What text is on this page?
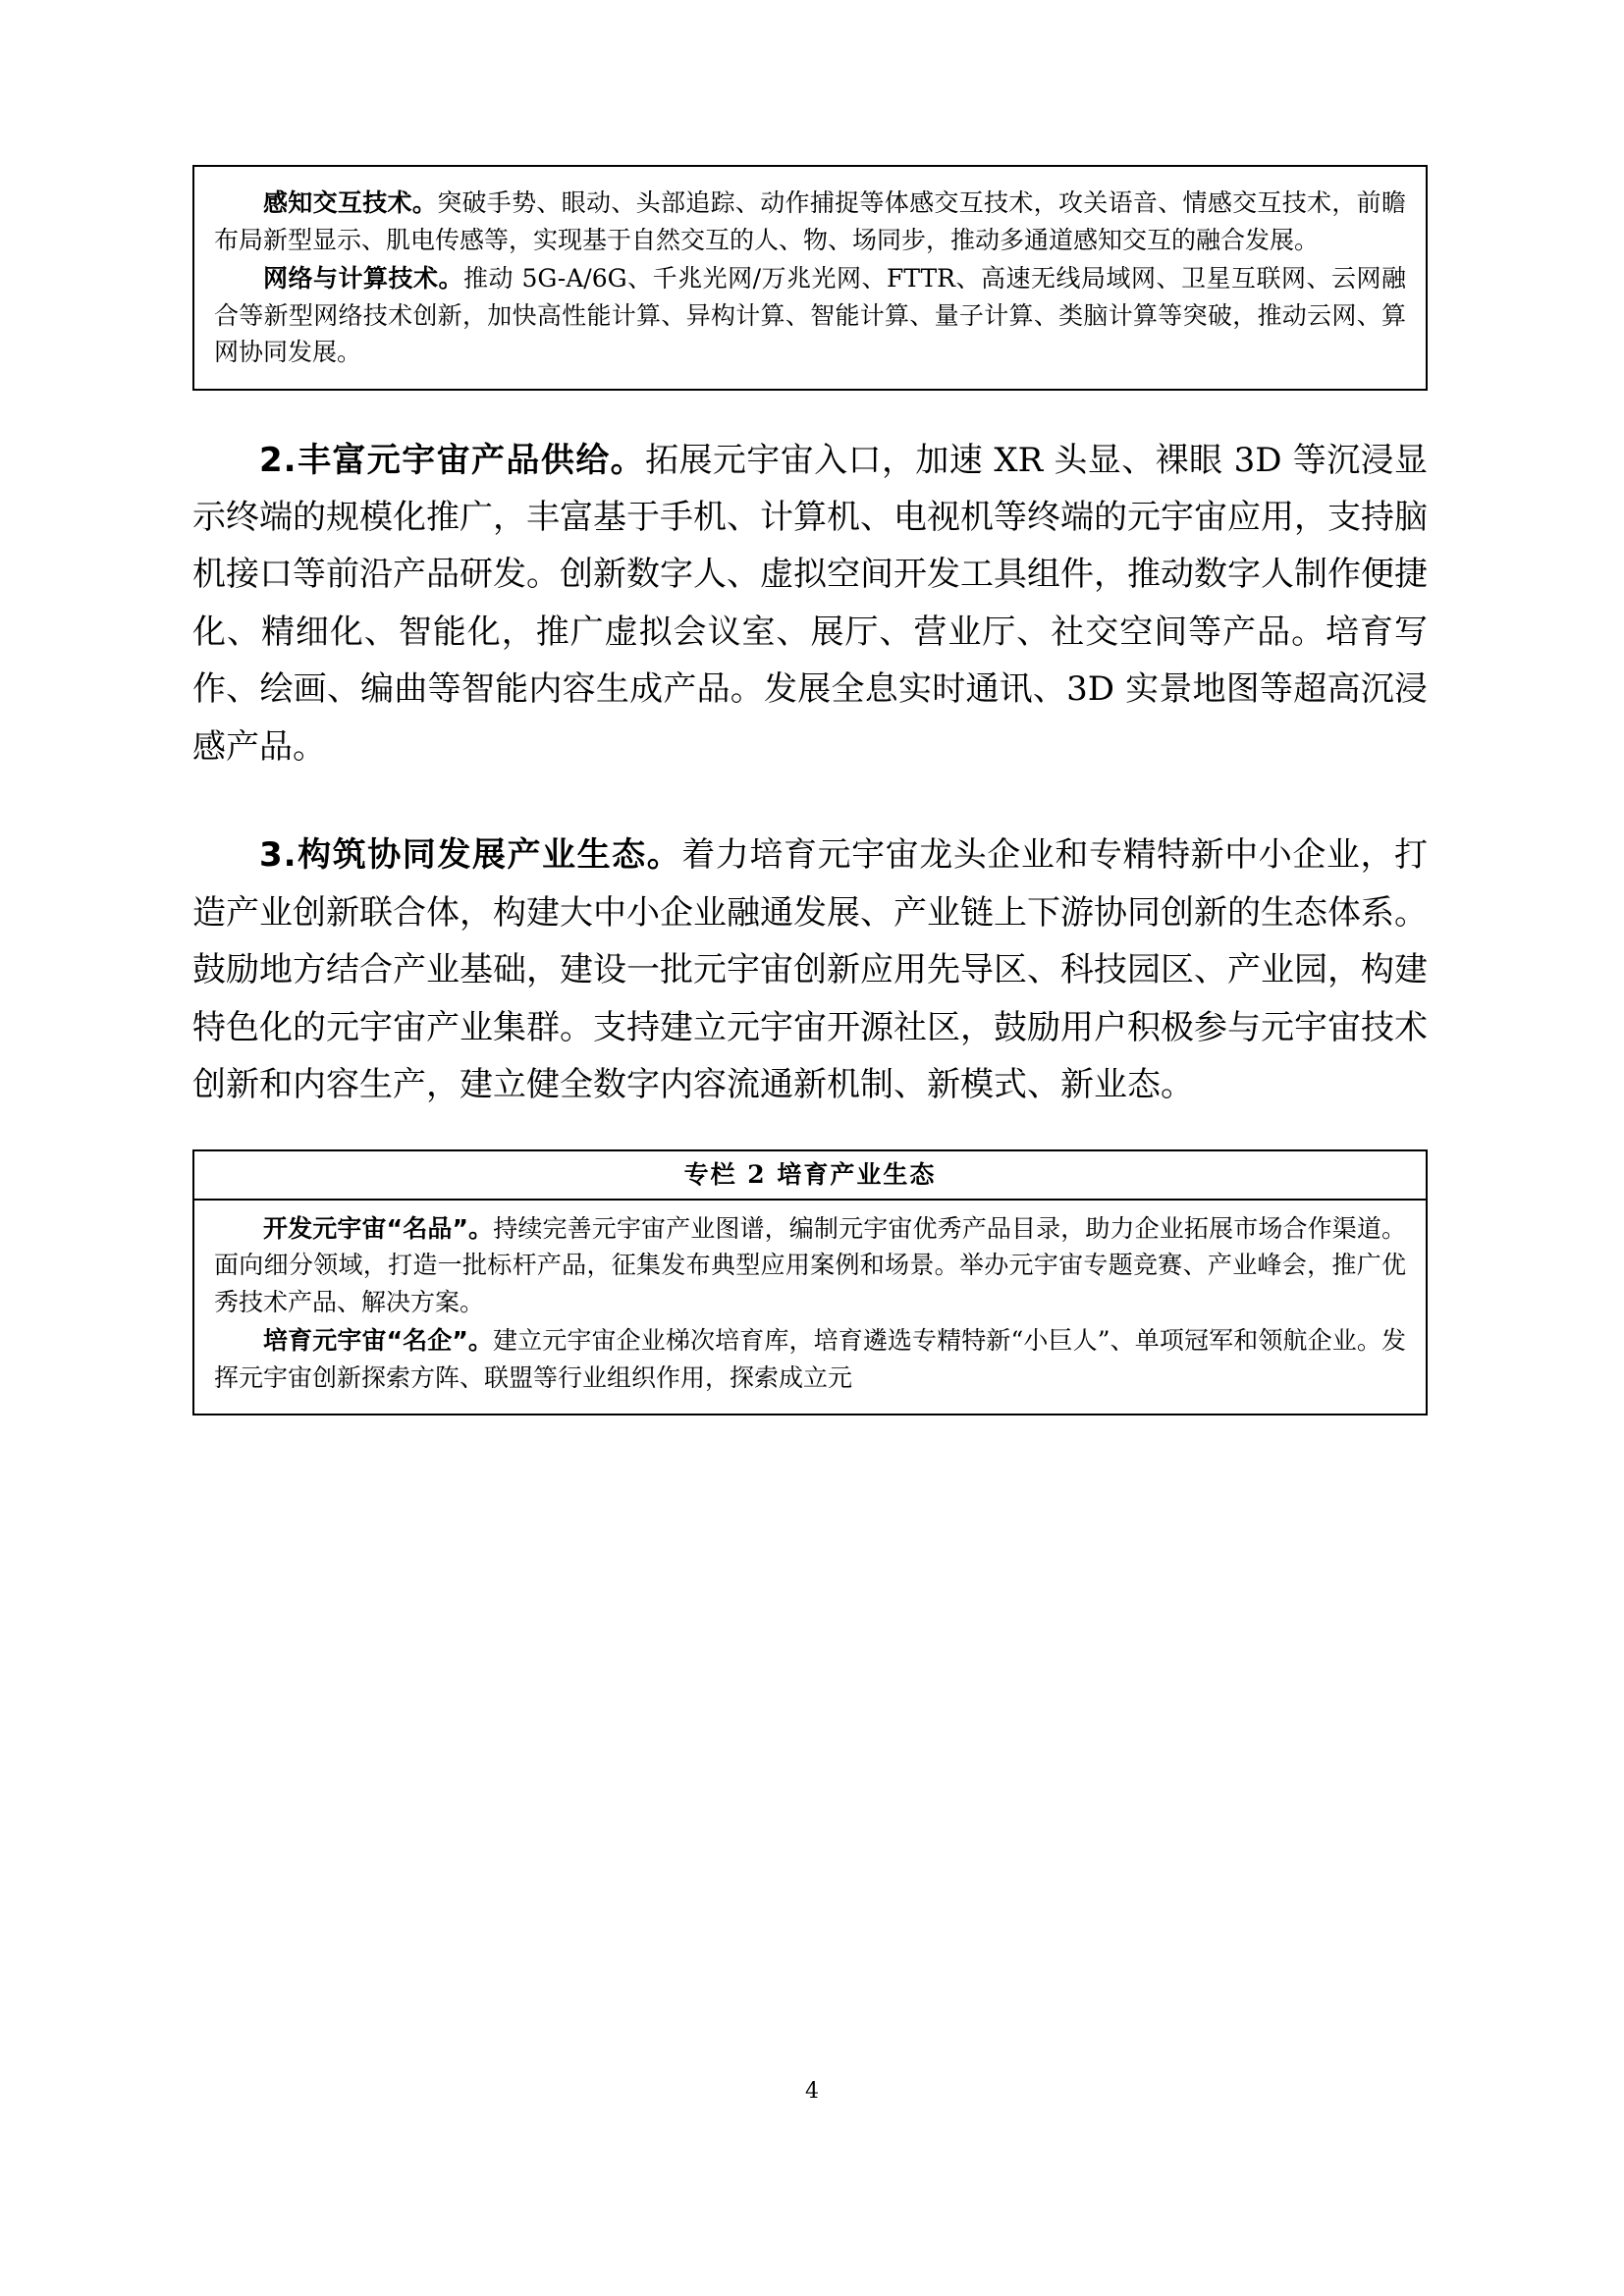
感知交互技术。突破手势、眼动、头部追踪、动作捕捉等体感交互技术，攻关语音、情感交互技术，前瞻布局新型显示、肌电传感等，实现基于自然交互的人、物、场同步，推动多通道感知交互的融合发展。

网络与计算技术。推动 5G-A/6G、千兆光网/万兆光网、FTTR、高速无线局域网、卫星互联网、云网融合等新型网络技术创新，加快高性能计算、异构计算、智能计算、量子计算、类脑计算等突破，推动云网、算网协同发展。

2.丰富元宇宙产品供给。拓展元宇宙入口，加速 XR 头显、裸眼 3D 等沉浸显示终端的规模化推广，丰富基于手机、计算机、电视机等终端的元宇宙应用，支持脑机接口等前沿产品研发。创新数字人、虚拟空间开发工具组件，推动数字人制作便捷化、精细化、智能化，推广虚拟会议室、展厅、营业厅、社交空间等产品。培育写作、绘画、编曲等智能内容生成产品。发展全息实时通讯、3D 实景地图等超高沉浸感产品。

3.构筑协同发展产业生态。着力培育元宇宙龙头企业和专精特新中小企业，打造产业创新联合体，构建大中小企业融通发展、产业链上下游协同创新的生态体系。鼓励地方结合产业基础，建设一批元宇宙创新应用先导区、科技园区、产业园，构建特色化的元宇宙产业集群。支持建立元宇宙开源社区，鼓励用户积极参与元宇宙技术创新和内容生产，建立健全数字内容流通新机制、新模式、新业态。

专栏 2 培育产业生态

开发元宇宙“名品”。持续完善元宇宙产业图谱，编制元宇宙优秀产品目录，助力企业拓展市场合作渠道。面向细分领域，打造一批标杆产品，征集发布典型应用案例和场景。举办元宇宙专题竞赛、产业峰会，推广优秀技术产品、解决方案。

培育元宇宙“名企”。建立元宇宙企业梯次培育库，培育遴选专精特新“小巨人”、单项冠军和领航企业。发挥元宇宙创新探索方阵、联盟等行业组织作用，探索成立元

4
